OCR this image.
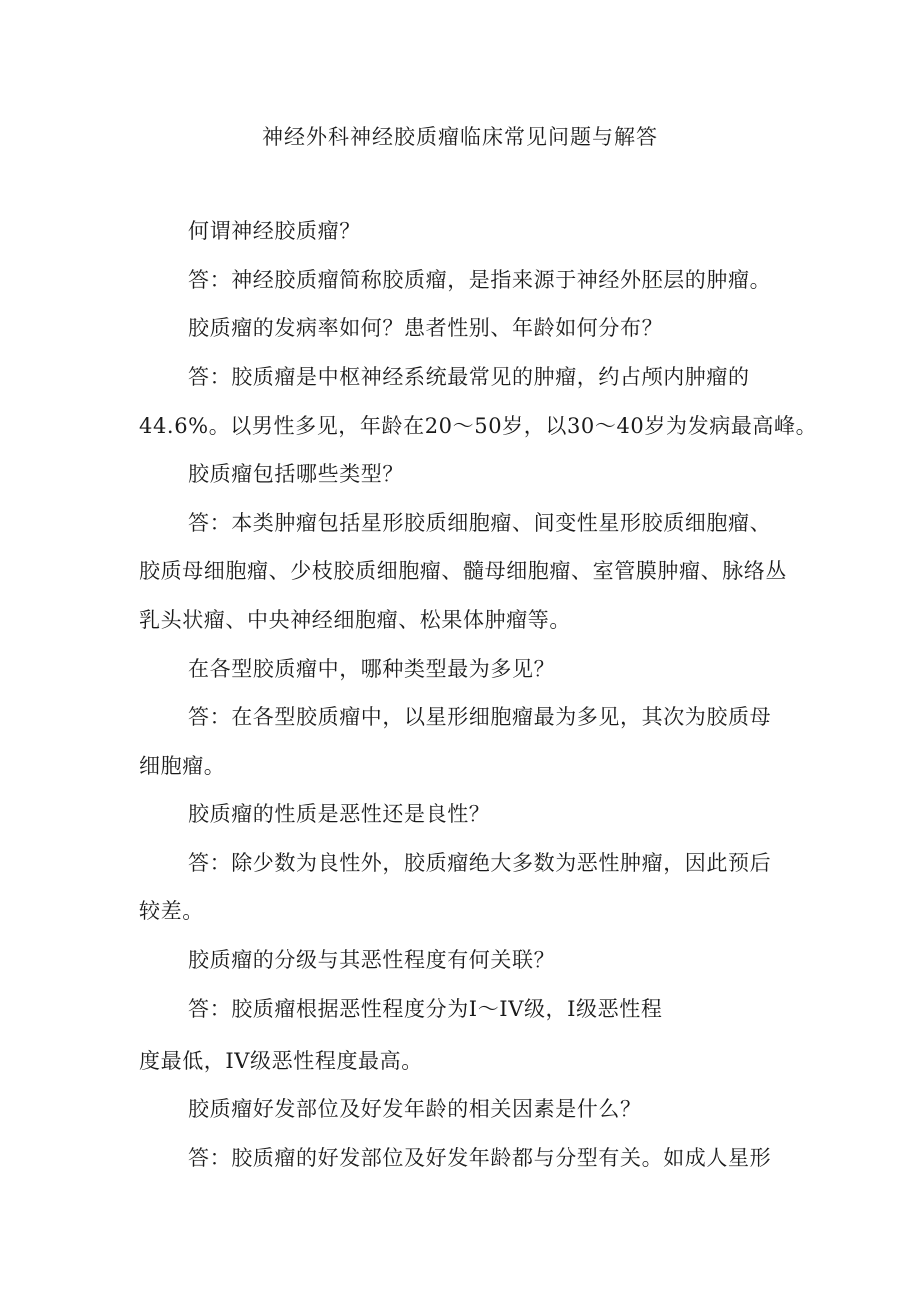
神经外科神经胶质瘤临床常见问题与解答
何谓神经胶质瘤？
答：神经胶质瘤简称胶质瘤，是指来源于神经外胚层的肿瘤。
胶质瘤的发病率如何？患者性别、年龄如何分布？
答：胶质瘤是中枢神经系统最常见的肿瘤，约占颅内肿瘤的
44.6%。以男性多见，年龄在20～50岁，以30～40岁为发病最高峰。
胶质瘤包括哪些类型？
答：本类肿瘤包括星形胶质细胞瘤、间变性星形胶质细胞瘤、
胶质母细胞瘤、少枝胶质细胞瘤、髓母细胞瘤、室管膜肿瘤、脉络丛
乳头状瘤、中央神经细胞瘤、松果体肿瘤等。
在各型胶质瘤中，哪种类型最为多见？
答：在各型胶质瘤中，以星形细胞瘤最为多见，其次为胶质母
细胞瘤。
胶质瘤的性质是恶性还是良性？
答：除少数为良性外，胶质瘤绝大多数为恶性肿瘤，因此预后
较差。
胶质瘤的分级与其恶性程度有何关联？
答：胶质瘤根据恶性程度分为I～IV级，I级恶性程
度最低，IV级恶性程度最高。
胶质瘤好发部位及好发年龄的相关因素是什么？
答：胶质瘤的好发部位及好发年龄都与分型有关。如成人星形
